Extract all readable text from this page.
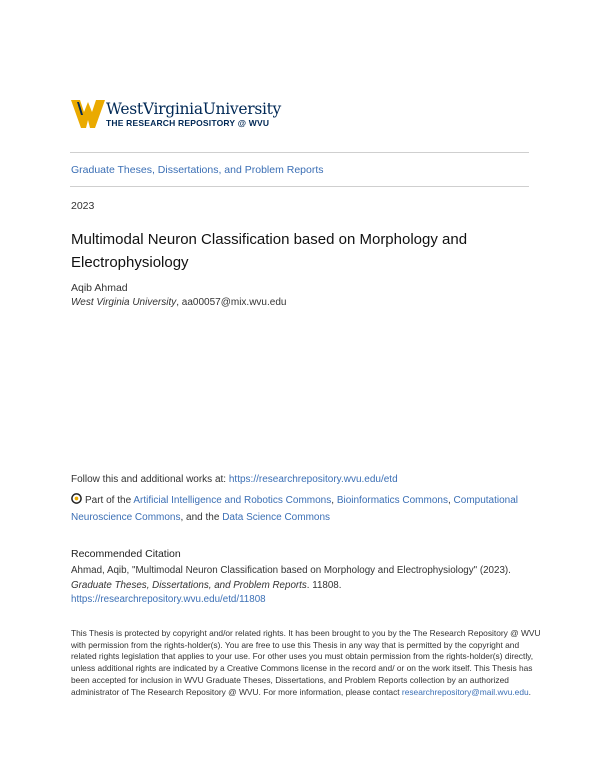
WestVirginiaUniversity
THE RESEARCH REPOSITORY @ WVU
Graduate Theses, Dissertations, and Problem Reports
2023
Multimodal Neuron Classification based on Morphology and Electrophysiology
Aqib Ahmad
West Virginia University, aa00057@mix.wvu.edu
Follow this and additional works at: https://researchrepository.wvu.edu/etd
Part of the Artificial Intelligence and Robotics Commons, Bioinformatics Commons, Computational Neuroscience Commons, and the Data Science Commons
Recommended Citation
Ahmad, Aqib, "Multimodal Neuron Classification based on Morphology and Electrophysiology" (2023).
Graduate Theses, Dissertations, and Problem Reports. 11808.
https://researchrepository.wvu.edu/etd/11808
This Thesis is protected by copyright and/or related rights. It has been brought to you by the The Research Repository @ WVU with permission from the rights-holder(s). You are free to use this Thesis in any way that is permitted by the copyright and related rights legislation that applies to your use. For other uses you must obtain permission from the rights-holder(s) directly, unless additional rights are indicated by a Creative Commons license in the record and/ or on the work itself. This Thesis has been accepted for inclusion in WVU Graduate Theses, Dissertations, and Problem Reports collection by an authorized administrator of The Research Repository @ WVU. For more information, please contact researchrepository@mail.wvu.edu.
